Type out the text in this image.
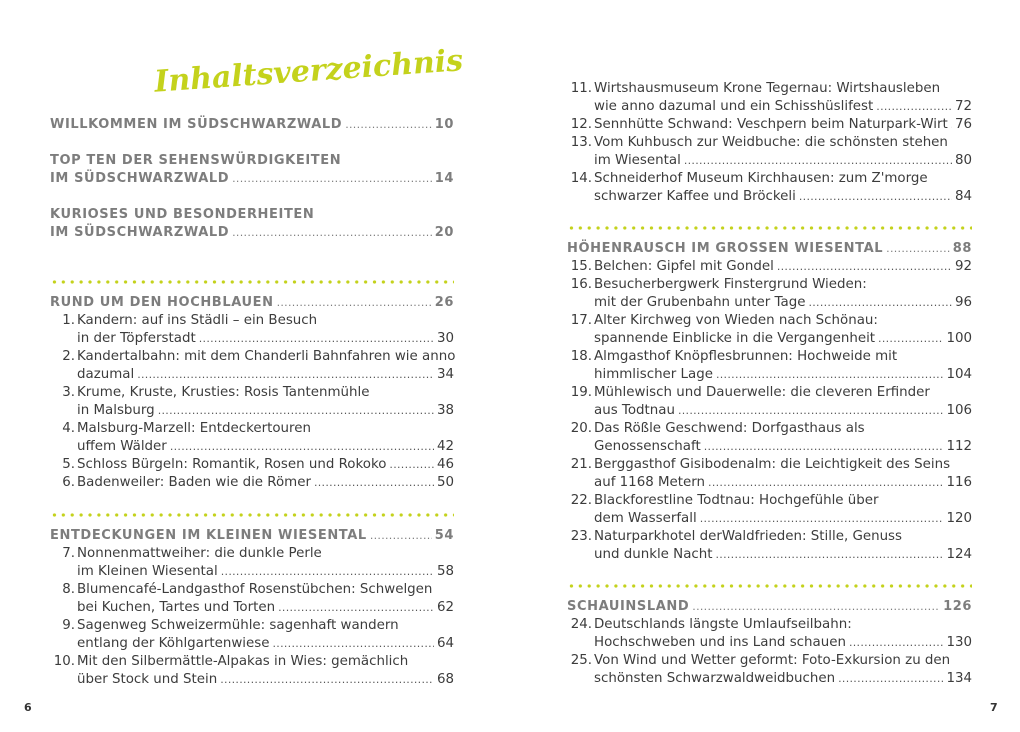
Inhaltsverzeichnis
WILLKOMMEN IM SÜDSCHWARZWALD .....	10
TOP TEN DER SEHENSWÜRDIGKEITEN
IM SÜDSCHWARZWALD .....	14
KURIOSES UND BESONDERHEITEN
IM SÜDSCHWARZWALD .....	20
RUND UM DEN HOCHBLAUEN .....	26
1. Kandern: auf ins Städli – ein Besuch
in der Töpferstadt .....	30
2. Kandertalbahn: mit dem Chanderli Bahnfahren wie anno
dazumal .....	34
3. Krume, Kruste, Krusties: Rosis Tantenmühle
in Malsburg .....	38
4. Malsburg-Marzell: Entdeckertouren
uffem Wälder .....	42
5. Schloss Bürgeln: Romantik, Rosen und Rokoko .....	46
6. Badenweiler: Baden wie die Römer .....	50
ENTDECKUNGEN IM KLEINEN WIESENTAL .....	54
7. Nonnenmattweiher: die dunkle Perle
im Kleinen Wiesental .....	58
8. Blumencafé-Landgasthof Rosenstübchen: Schwelgen
bei Kuchen, Tartes und Torten .....	62
9. Sagenweg Schweizermühle: sagenhaft wandern
entlang der Köhlgartenwiese .....	64
10. Mit den Silbermättle-Alpakas in Wies: gemächlich
über Stock und Stein .....	68
11. Wirtshausmuseum Krone Tegernau: Wirtshausleben
wie anno dazumal und ein Schisshüslifest .....	72
12. Sennhütte Schwand: Veschpern beim Naturpark-Wirt ..... 76
13. Vom Kuhbusch zur Weidbuche: die schönsten stehen
im Wiesental .....	80
14. Schneiderhof Museum Kirchhausen: zum Z'morge
schwarzer Kaffee und Bröckeli .....	84
HÖHENRAUSCH IM GROSSEN WIESENTAL .....	88
15. Belchen: Gipfel mit Gondel .....	92
16. Besucherbergwerk Finstergrund Wieden:
mit der Grubenbahn unter Tage .....	96
17. Alter Kirchweg von Wieden nach Schönau:
spannende Einblicke in die Vergangenheit .....	100
18. Almgasthof Knöpflesbrunnen: Hochweide mit
himmlischer Lage .....	104
19. Mühlewisch und Dauerwelle: die cleveren Erfinder
aus Todtnau .....	106
20. Das Rößle Geschwend: Dorfgasthaus als
Genossenschaft .....	112
21. Berggasthof Gisibodenalm: die Leichtigkeit des Seins
auf 1168 Metern .....	116
22. Blackforestline Todtnau: Hochgefühle über
dem Wasserfall .....	120
23. Naturparkhotel derWaldfrieden: Stille, Genuss
und dunkle Nacht .....	124
SCHAUINSLAND .....	126
24. Deutschlands längste Umlaufseilbahn:
Hochschweben und ins Land schauen .....	130
25. Von Wind und Wetter geformt: Foto-Exkursion zu den
schönsten Schwarzwaldweidbuchen .....	134
6	7
